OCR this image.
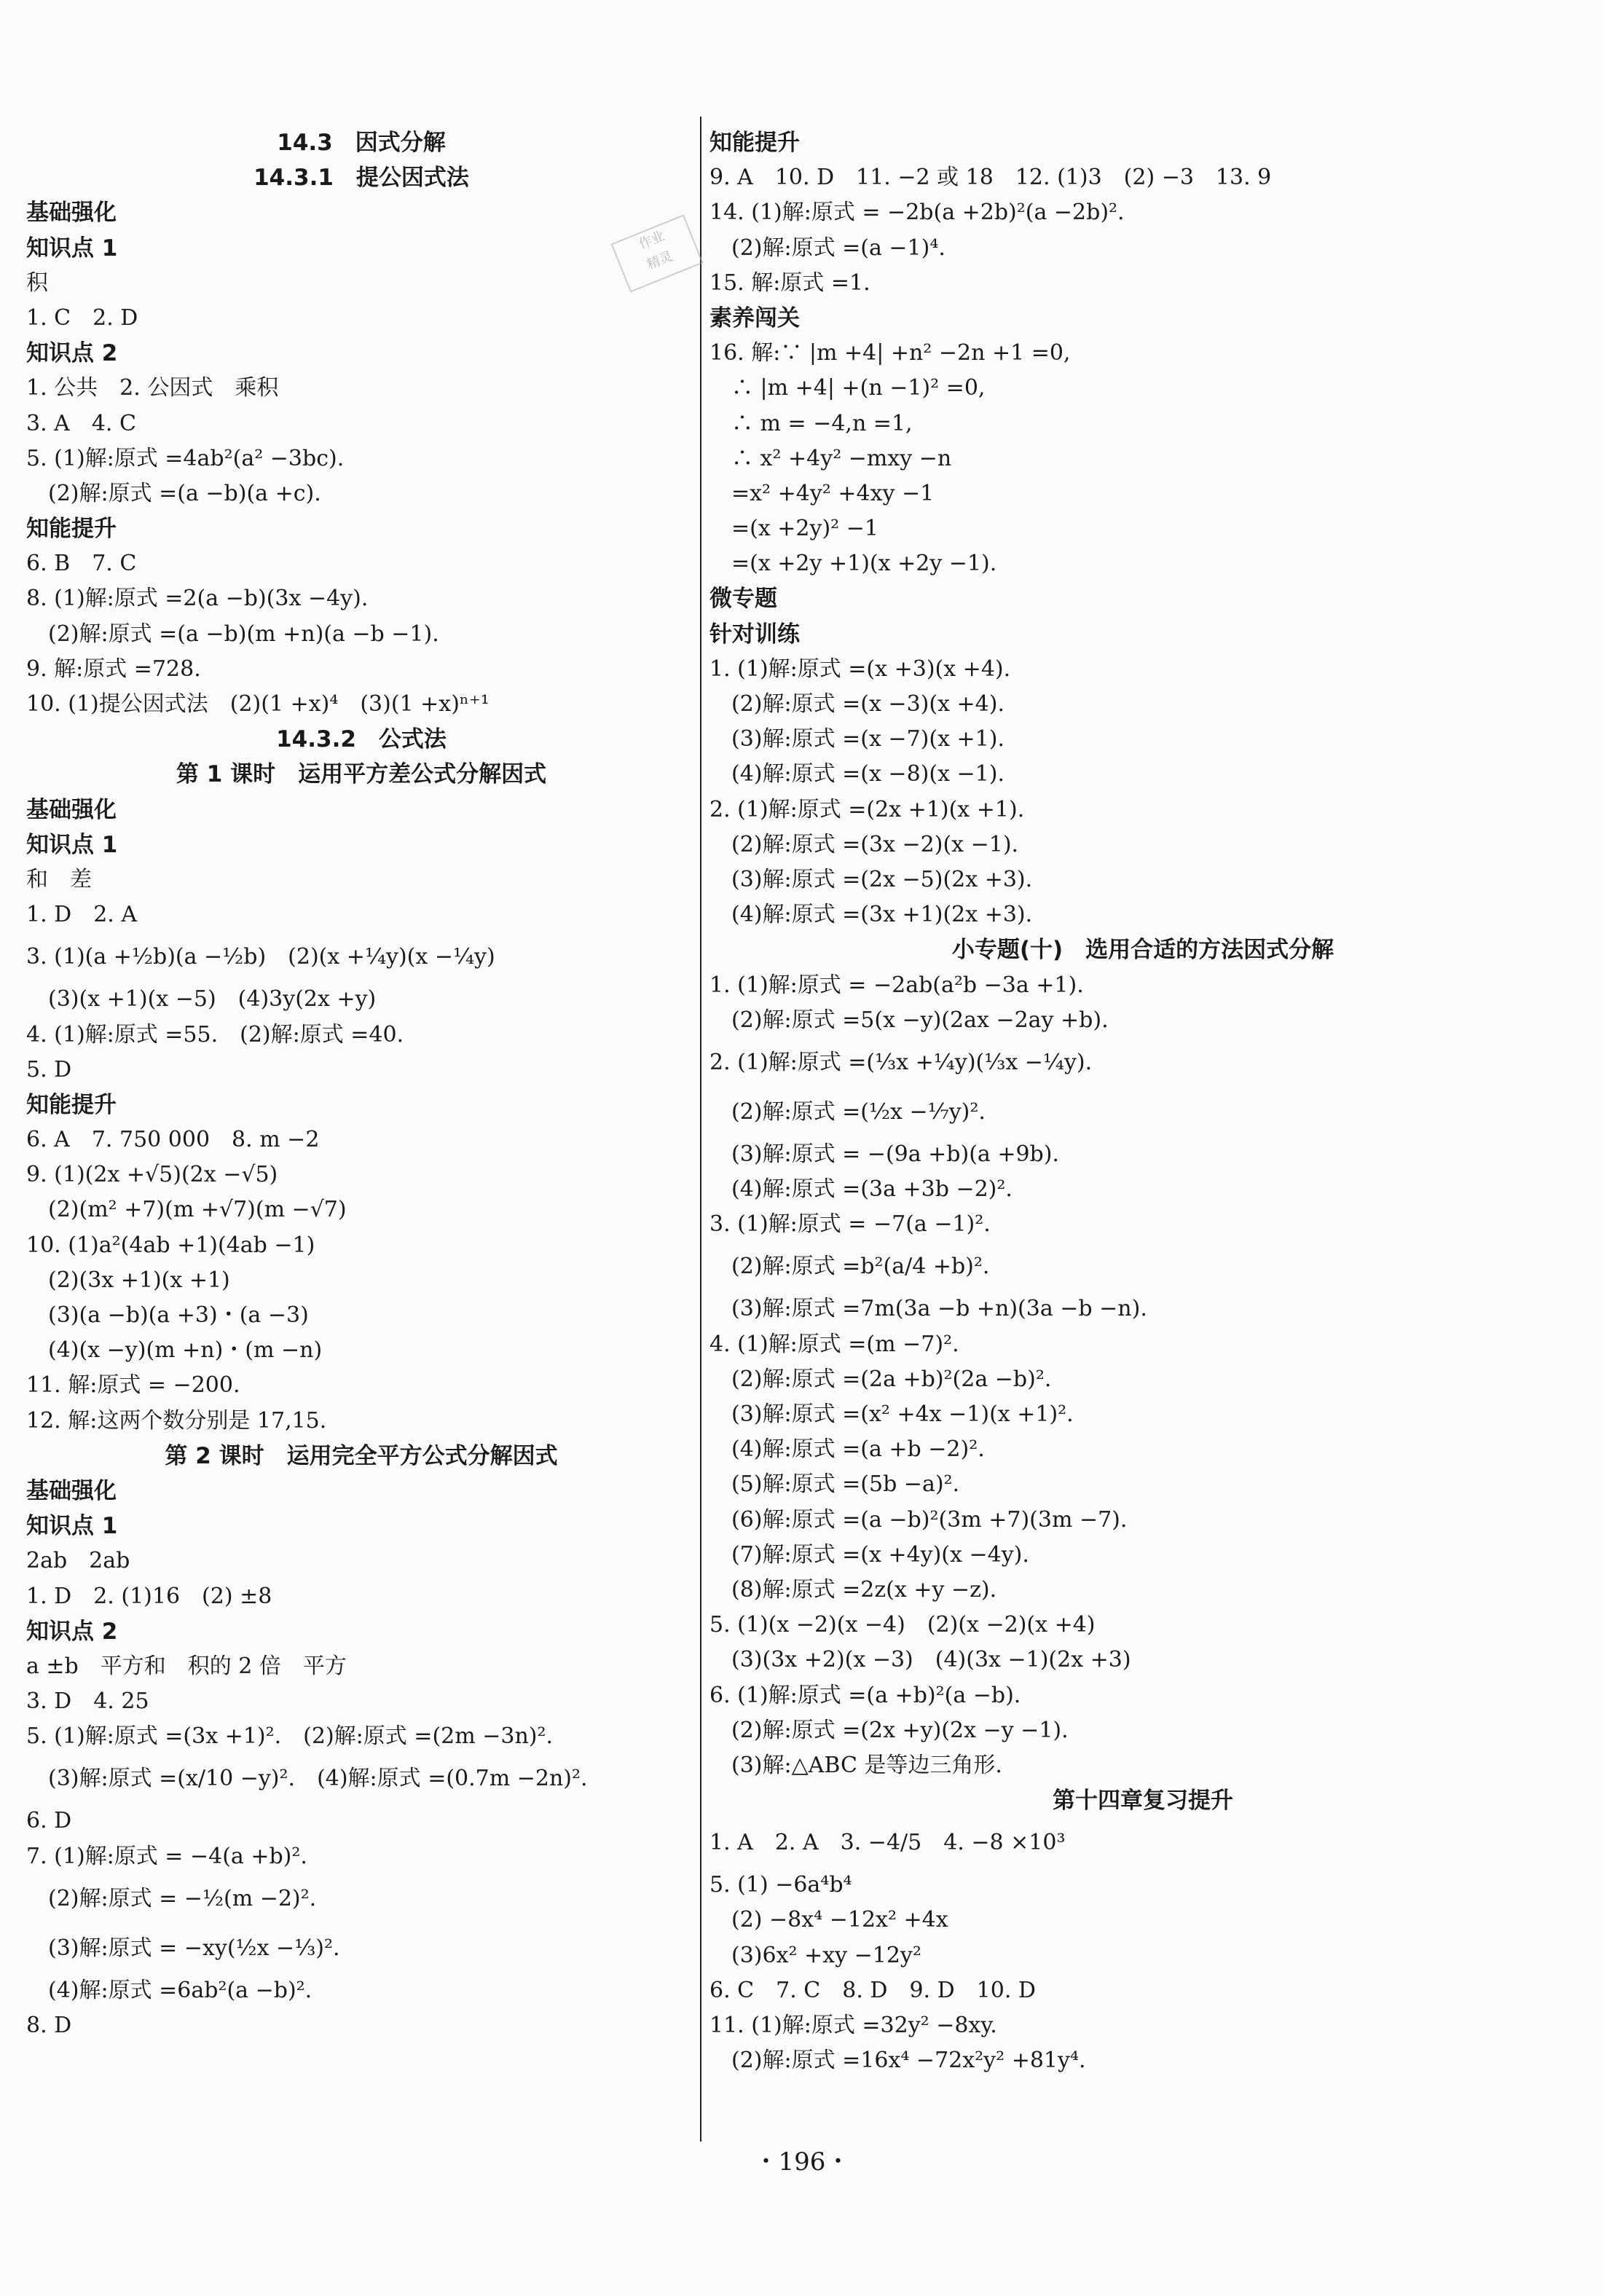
作业
精灵
14.3　因式分解
14.3.1　提公因式法
基础强化
知识点 1
积
1. C　2. D
知识点 2
1. 公共　2. 公因式　乘积
3. A　4. C
5. (1)解:原式 =4ab²(a² −3bc).
　(2)解:原式 =(a −b)(a +c).
知能提升
6. B　7. C
8. (1)解:原式 =2(a −b)(3x −4y).
　(2)解:原式 =(a −b)(m +n)(a −b −1).
9. 解:原式 =728.
10. (1)提公因式法　(2)(1 +x)⁴　(3)(1 +x)ⁿ⁺¹
14.3.2　公式法
第 1 课时　运用平方差公式分解因式
基础强化
知识点 1
和　差
1. D　2. A
3. (1)(a +½b)(a −½b)　(2)(x +¼y)(x −¼y)
　(3)(x +1)(x −5)　(4)3y(2x +y)
4. (1)解:原式 =55.　(2)解:原式 =40.
5. D
知能提升
6. A　7. 750 000　8. m −2
9. (1)(2x +√5)(2x −√5)
　(2)(m² +7)(m +√7)(m −√7)
10. (1)a²(4ab +1)(4ab −1)
　(2)(3x +1)(x +1)
　(3)(a −b)(a +3)・(a −3)
　(4)(x −y)(m +n)・(m −n)
11. 解:原式 = −200.
12. 解:这两个数分别是 17,15.
第 2 课时　运用完全平方公式分解因式
基础强化
知识点 1
2ab　2ab
1. D　2. (1)16　(2) ±8
知识点 2
a ±b　平方和　积的 2 倍　平方
3. D　4. 25
5. (1)解:原式 =(3x +1)².　(2)解:原式 =(2m −3n)².
　(3)解:原式 =(x/10 −y)².　(4)解:原式 =(0.7m −2n)².
6. D
7. (1)解:原式 = −4(a +b)².
　(2)解:原式 = −½(m −2)².
　(3)解:原式 = −xy(½x −⅓)².
　(4)解:原式 =6ab²(a −b)².
8. D
知能提升
9. A　10. D　11. −2 或 18　12. (1)3　(2) −3　13. 9
14. (1)解:原式 = −2b(a +2b)²(a −2b)².
　(2)解:原式 =(a −1)⁴.
15. 解:原式 =1.
素养闯关
16. 解:∵ |m +4| +n² −2n +1 =0,
　∴ |m +4| +(n −1)² =0,
　∴ m = −4,n =1,
　∴ x² +4y² −mxy −n
　=x² +4y² +4xy −1
　=(x +2y)² −1
　=(x +2y +1)(x +2y −1).
微专题
针对训练
1. (1)解:原式 =(x +3)(x +4).
　(2)解:原式 =(x −3)(x +4).
　(3)解:原式 =(x −7)(x +1).
　(4)解:原式 =(x −8)(x −1).
2. (1)解:原式 =(2x +1)(x +1).
　(2)解:原式 =(3x −2)(x −1).
　(3)解:原式 =(2x −5)(2x +3).
　(4)解:原式 =(3x +1)(2x +3).
小专题(十)　选用合适的方法因式分解
1. (1)解:原式 = −2ab(a²b −3a +1).
　(2)解:原式 =5(x −y)(2ax −2ay +b).
2. (1)解:原式 =(⅓x +¼y)(⅓x −¼y).
　(2)解:原式 =(½x −⅐y)².
　(3)解:原式 = −(9a +b)(a +9b).
　(4)解:原式 =(3a +3b −2)².
3. (1)解:原式 = −7(a −1)².
　(2)解:原式 =b²(a/4 +b)².
　(3)解:原式 =7m(3a −b +n)(3a −b −n).
4. (1)解:原式 =(m −7)².
　(2)解:原式 =(2a +b)²(2a −b)².
　(3)解:原式 =(x² +4x −1)(x +1)².
　(4)解:原式 =(a +b −2)².
　(5)解:原式 =(5b −a)².
　(6)解:原式 =(a −b)²(3m +7)(3m −7).
　(7)解:原式 =(x +4y)(x −4y).
　(8)解:原式 =2z(x +y −z).
5. (1)(x −2)(x −4)　(2)(x −2)(x +4)
　(3)(3x +2)(x −3)　(4)(3x −1)(2x +3)
6. (1)解:原式 =(a +b)²(a −b).
　(2)解:原式 =(2x +y)(2x −y −1).
　(3)解:△ABC 是等边三角形.
第十四章复习提升
1. A　2. A　3. −4/5　4. −8 ×10³
5. (1) −6a⁴b⁴
　(2) −8x⁴ −12x² +4x
　(3)6x² +xy −12y²
6. C　7. C　8. D　9. D　10. D
11. (1)解:原式 =32y² −8xy.
　(2)解:原式 =16x⁴ −72x²y² +81y⁴.
・196・
